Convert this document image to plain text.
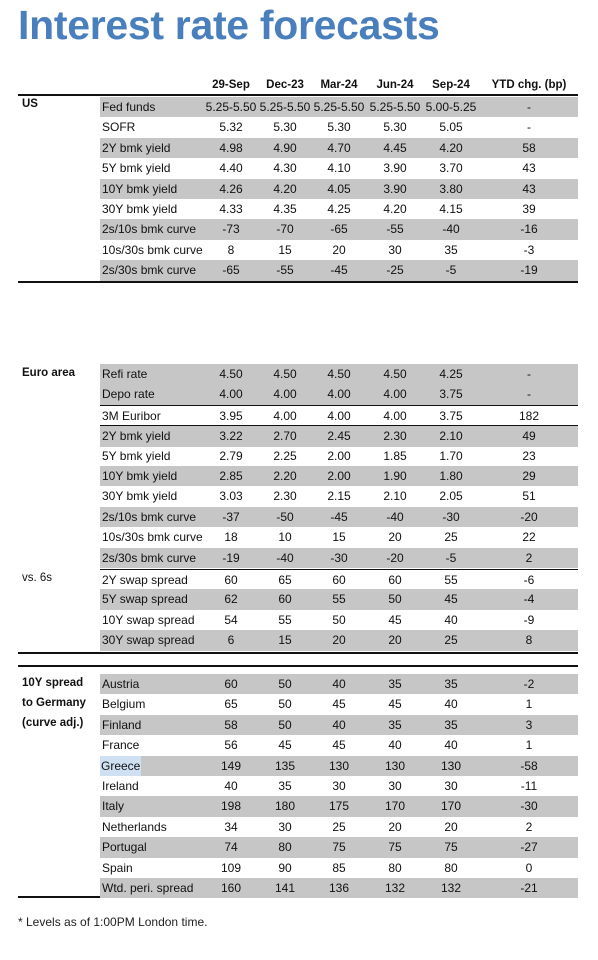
Interest rate forecasts
29-Sep	Dec-23	Mar-24	Jun-24	Sep-24	YTD chg. (bp)
US
Euro area
vs. 6s
10Y spread
to Germany
(curve adj.)
Fed funds	5.25-5.50 5.25-5.50 5.25-5.50 5.25-5.50 5.00-5.25	-
SOFR	5.32	5.30	5.30	5.30	5.05	-
2Y bmk yield	4.98	4.90	4.70	4.45	4.20	58
5Y bmk yield	4.40	4.30	4.10	3.90	3.70	43
10Y bmk yield	4.26	4.20	4.05	3.90	3.80	43
30Y bmk yield	4.33	4.35	4.25	4.20	4.15	39
2s/10s bmk curve	-73	-70	-65	-55	-40	-16
10s/30s bmk curve	8	15	20	30	35	-3
2s/30s bmk curve	-65	-55	-45	-25	-5	-19
Refi rate	4.50	4.50	4.50	4.50	4.25	-
Depo rate	4.00	4.00	4.00	4.00	3.75	-
3M Euribor	3.95	4.00	4.00	4.00	3.75	182
2Y bmk yield	3.22	2.70	2.45	2.30	2.10	49
5Y bmk yield	2.79	2.25	2.00	1.85	1.70	23
10Y bmk yield	2.85	2.20	2.00	1.90	1.80	29
30Y bmk yield	3.03	2.30	2.15	2.10	2.05	51
2s/10s bmk curve	-37	-50	-45	-40	-30	-20
10s/30s bmk curve	18	10	15	20	25	22
2s/30s bmk curve	-19	-40	-30	-20	-5	2
2Y swap spread	60	65	60	60	55	-6
5Y swap spread	62	60	55	50	45	-4
10Y swap spread	54	55	50	45	40	-9
30Y swap spread	6	15	20	20	25	8
Austria	60	50	40	35	35	-2
Belgium	65	50	45	45	40	1
Finland	58	50	40	35	35	3
France	56	45	45	40	40	1
Greece	149	135	130	130	130	-58
Ireland	40	35	30	30	30	-11
Italy	198	180	175	170	170	-30
Netherlands	34	30	25	20	20	2
Portugal	74	80	75	75	75	-27
Spain	109	90	85	80	80	0
Wtd. peri. spread	160	141	136	132	132	-21
* Levels as of 1:00PM London time.
